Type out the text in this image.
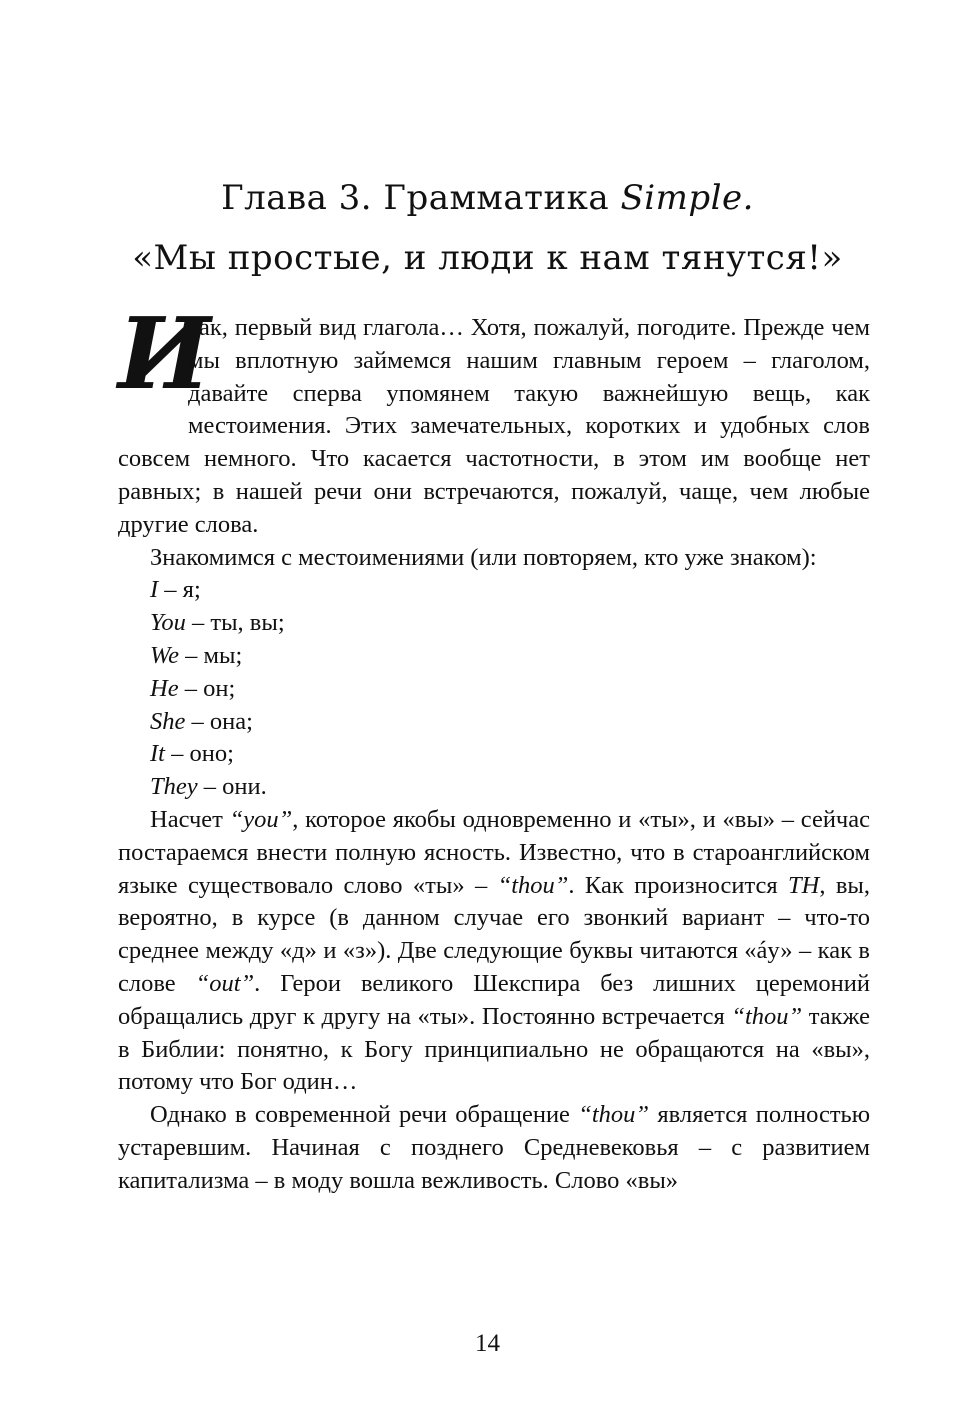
Глава 3. Грамматика Simple.
«Мы простые, и люди к нам тянутся!»

И
так, первый вид глагола… Хотя, пожалуй, погодите. Прежде чем мы вплотную займемся нашим главным героем – глаголом, давайте сперва упомянем такую важнейшую вещь, как местоимения. Этих замечательных, коротких и удобных слов совсем немного. Что касается частотности, в этом им вообще нет равных; в нашей речи они встречаются, пожалуй, чаще, чем любые другие слова.

Знакомимся с местоимениями (или повторяем, кто уже знаком):

I – я;

You – ты, вы;

We – мы;

He – он;

She – она;

It – оно;

They – они.

Насчет “you”, которое якобы одновременно и «ты», и «вы» – сейчас постараемся внести полную ясность. Известно, что в староанглийском языке существовало слово «ты» – “thou”. Как произносится TH, вы, вероятно, в курсе (в данном случае его звонкий вариант – что-то среднее между «д» и «з»). Две следующие буквы читаются «áу» – как в слове “out”. Герои великого Шекспира без лишних церемоний обращались друг к другу на «ты». Постоянно встречается “thou” также в Библии: понятно, к Богу принципиально не обращаются на «вы», потому что Бог один…

Однако в современной речи обращение “thou” является полностью устаревшим. Начиная с позднего Средневековья – с развитием капитализма – в моду вошла вежливость. Слово «вы»

14
